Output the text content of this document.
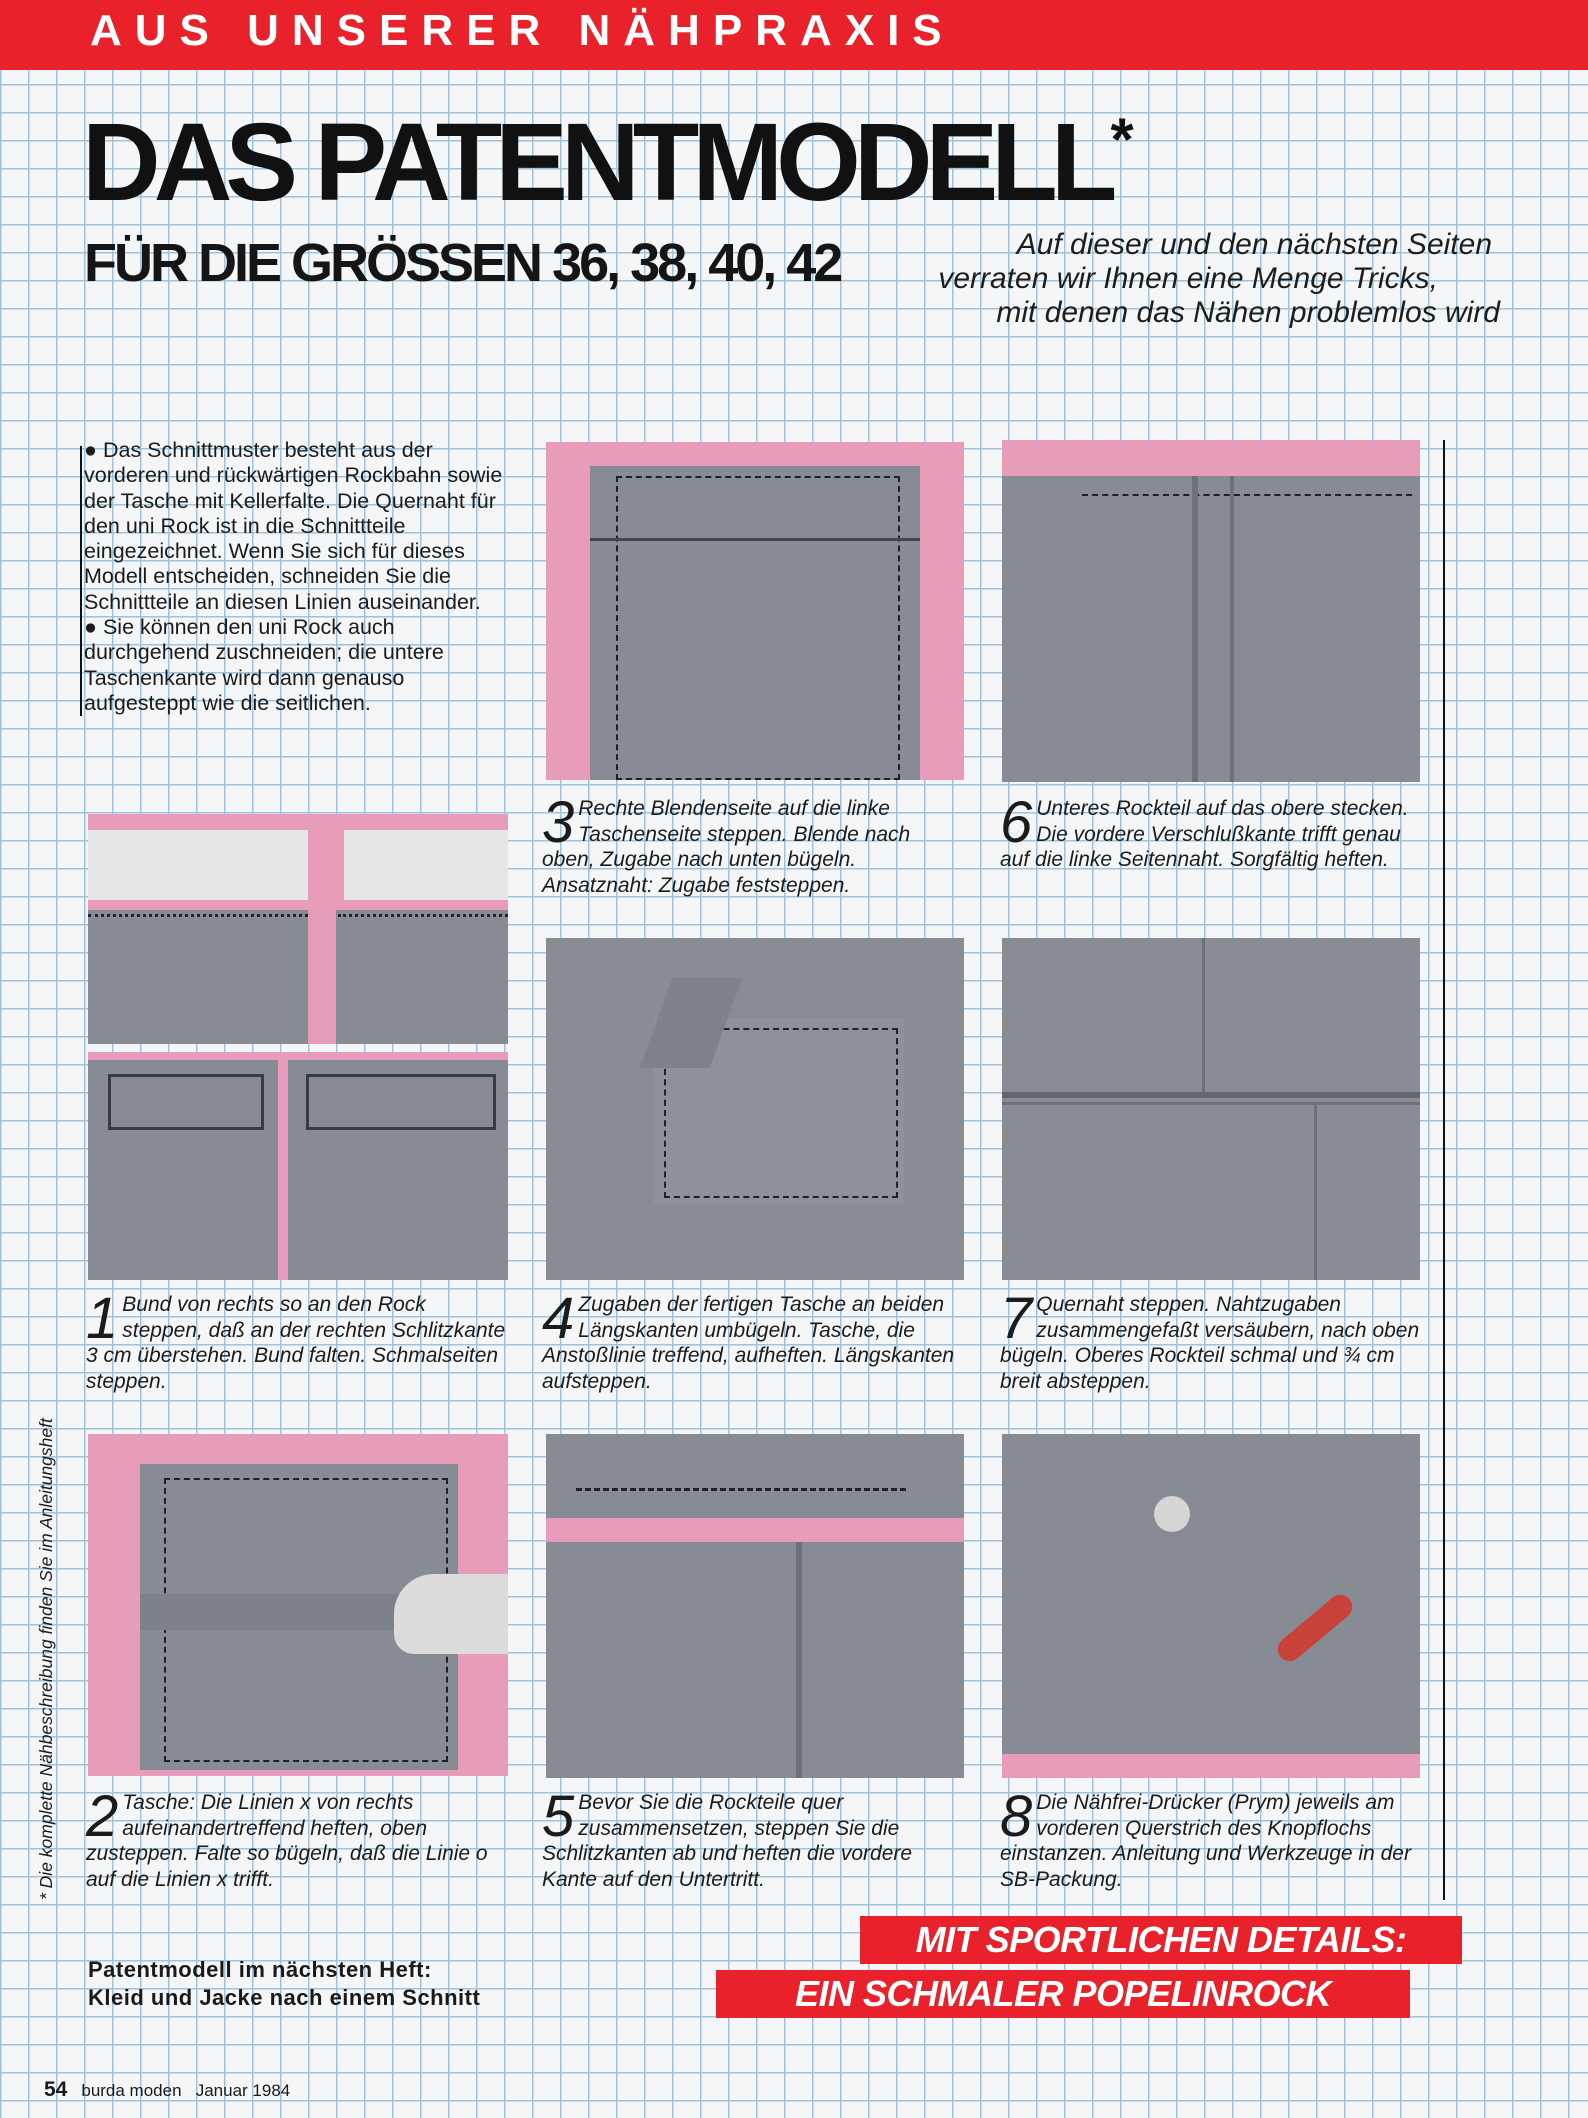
AUS UNSERER NÄHPRAXIS
DAS PATENTMODELL*
FÜR DIE GRÖSSEN 36, 38, 40, 42	Auf dieser und den nächsten Seiten
verraten wir Ihnen eine Menge Tricks,
mit denen das Nähen problemlos wird

● Das Schnittmuster besteht aus der vorderen und rückwärtigen Rockbahn sowie der Tasche mit Kellerfalte. Die Quernaht für den uni Rock ist in die Schnittteile eingezeichnet. Wenn Sie sich für dieses Modell entscheiden, schneiden Sie die Schnittteile an diesen Linien auseinander.

● Sie können den uni Rock auch durchgehend zuschneiden; die untere Taschenkante wird dann genauso aufgesteppt wie die seitlichen.

* Die komplette Nähbeschreibung finden Sie im Anleitungsheft
1 Bund von rechts so an den Rock steppen, daß an der rechten Schlitzkante 3 cm überstehen. Bund falten. Schmalseiten steppen.
2 Tasche: Die Linien x von rechts aufeinandertreffend heften, oben zusteppen. Falte so bügeln, daß die Linie o auf die Linien x trifft.
3 Rechte Blendenseite auf die linke Taschenseite steppen. Blende nach oben, Zugabe nach unten bügeln. Ansatznaht: Zugabe feststeppen.
4 Zugaben der fertigen Tasche an beiden Längskanten umbügeln. Tasche, die Anstoßlinie treffend, aufheften. Längskanten aufsteppen.
5 Bevor Sie die Rockteile quer zusammensetzen, steppen Sie die Schlitzkanten ab und heften die vordere Kante auf den Untertritt.
6 Unteres Rockteil auf das obere stecken. Die vordere Verschlußkante trifft genau auf die linke Seitennaht. Sorgfältig heften.
7 Quernaht steppen. Nahtzugaben zusammengefaßt versäubern, nach oben bügeln. Oberes Rockteil schmal und ¾ cm breit absteppen.
8 Die Nähfrei-Drücker (Prym) jeweils am vorderen Querstrich des Knopflochs einstanzen. Anleitung und Werkzeuge in der SB-Packung.
Patentmodell im nächsten Heft:
Kleid und Jacke nach einem Schnitt
MIT SPORTLICHEN DETAILS:
EIN SCHMALER POPELINROCK
54 burda moden Januar 1984
